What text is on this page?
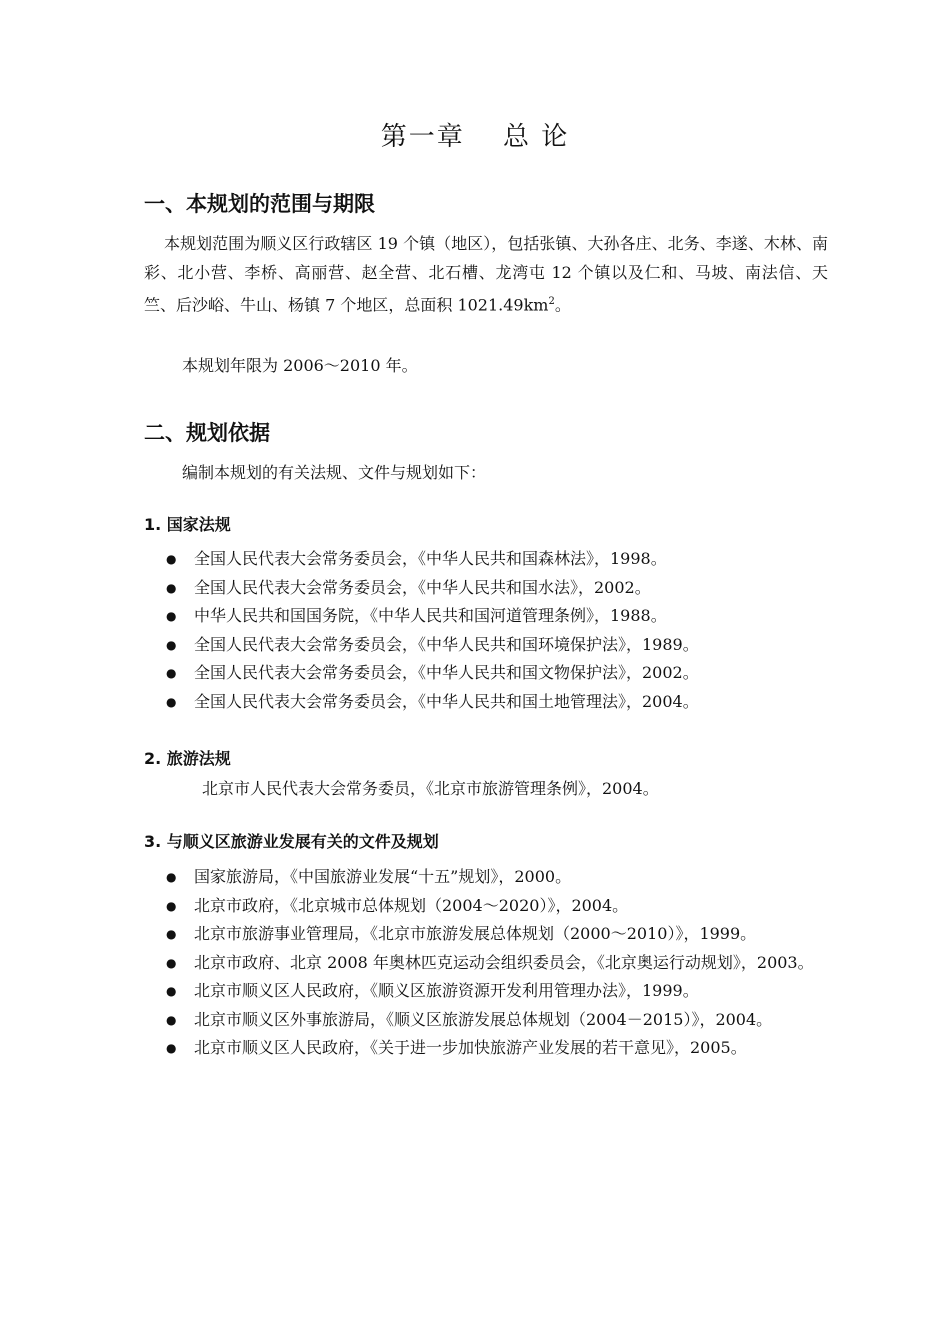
第一章　 总 论
一、本规划的范围与期限
本规划范围为顺义区行政辖区 19 个镇（地区），包括张镇、大孙各庄、北务、李遂、木林、南彩、北小营、李桥、高丽营、赵全营、北石槽、龙湾屯 12 个镇以及仁和、马坡、南法信、天竺、后沙峪、牛山、杨镇 7 个地区，总面积 $1021.49km^2$。
本规划年限为 2006～2010 年。
二、规划依据
编制本规划的有关法规、文件与规划如下：
1. 国家法规
● 全国人民代表大会常务委员会，《中华人民共和国森林法》，1998。
● 全国人民代表大会常务委员会，《中华人民共和国水法》，2002。
● 中华人民共和国国务院，《中华人民共和国河道管理条例》，1988。
● 全国人民代表大会常务委员会，《中华人民共和国环境保护法》，1989。
● 全国人民代表大会常务委员会，《中华人民共和国文物保护法》，2002。
● 全国人民代表大会常务委员会，《中华人民共和国土地管理法》，2004。
2. 旅游法规
北京市人民代表大会常务委员，《北京市旅游管理条例》，2004。
3. 与顺义区旅游业发展有关的文件及规划
● 国家旅游局，《中国旅游业发展“十五”规划》，2000。
● 北京市政府，《北京城市总体规划（2004～2020）》，2004。
● 北京市旅游事业管理局，《北京市旅游发展总体规划（2000～2010）》，1999。
● 北京市政府、北京 2008 年奥林匹克运动会组织委员会，《北京奥运行动规划》，2003。
● 北京市顺义区人民政府，《顺义区旅游资源开发利用管理办法》，1999。
● 北京市顺义区外事旅游局，《顺义区旅游发展总体规划（2004－2015）》，2004。
● 北京市顺义区人民政府，《关于进一步加快旅游产业发展的若干意见》，2005。
